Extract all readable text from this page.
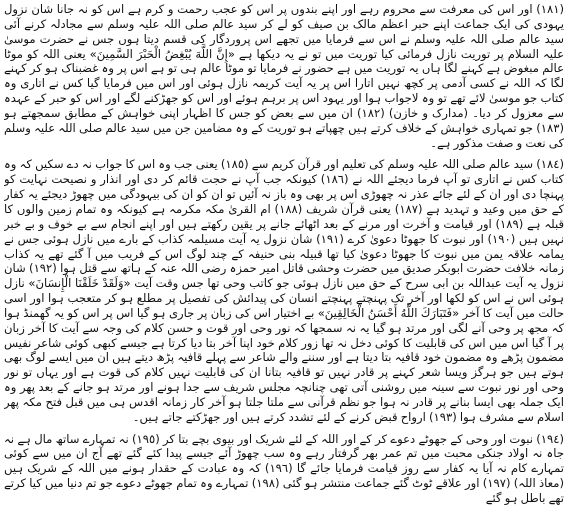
(١٨١) اور اس کی معرفت سے محروم رہے اور اپنے بندوں پر اس کو عجب رحمت و کرم ہے اس کو نہ جانا شان نزول یہودی کی ایک جماعت اپنے حبر اعظم مالک بن صیف کو لے کر سید عالم صلی اللہ علیہ وسلم سے مجادلہ کرنے آئی سید عالم صلی اللہ علیہ وسلم نے اس سے فرمایا میں تجھے اس پروردگار کی قسم دیتا ہوں جس نے حضرت موسیٰ علیہ السلام پر توریت نازل فرمائی کیا توریت میں تو نے یہ دیکھا ہے «إِنَّ اللَّهَ يُبْغِضُ الْحَبْرَ السَّمِينَ» یعنی اللہ کو موٹا عالم مبغوض ہے کہنے لگا ہاں یہ توریت میں ہے حضور نے فرمایا تو موٹا عالم ہی تو ہے اس پر وہ غضبناک ہو کر کہنے لگا کہ اللہ نے کسی آدمی پر کچھ نہیں اتارا اس پر یہ آیت کریمہ نازل ہوئی اور اس میں فرمایا گیا کس نے اتاری وہ کتاب جو موسیٰ لائے تھے تو وہ لاجواب ہوا اور یہود اس پر برہم ہوئے اور اس کو جھڑکنے لگے اور اس کو حبر کے عہدہ سے معزول کر دیا۔ (مدارک و خازن) (١٨٢) ان میں سے بعض کو جس کا اظہار اپنی خواہش کے مطابق سمجھتے ہو (١٨٣) جو تمہاری خواہش کے خلاف کرتے ہیں چھپاتے ہو توریت کے وہ مضامین جن میں سید عالم صلی اللہ علیہ وسلم کی نعت و صفت مذکور ہے۔

(١٨٤) سید عالم صلی اللہ علیہ وسلم کی تعلیم اور قرآن کریم سے (١٨٥) یعنی جب وہ اس کا جواب نہ دے سکیں کہ وہ کتاب کس نے اتاری تو آپ فرما دیجئے اللہ نے (١٨٦) کیونکہ جب آپ نے حجت قائم کر دی اور انذار و نصیحت نہایت کو پہنچا دی اور ان کے لئے جائے عذر نہ چھوڑی اس پر بھی وہ باز نہ آئیں تو ان کو ان کی بیہودگی میں چھوڑ دیجئے یہ کفار کے حق میں وعید و تہدید ہے (١٨٧) یعنی قرآن شریف (١٨٨) ام القریٰ مکہ مکرمہ ہے کیونکہ وہ تمام زمین والوں کا قبلہ ہے (١٨٩) اور قیامت و آخرت اور مرنے کے بعد اٹھائے جانے پر یقین رکھتے ہیں اور اپنے انجام سے بے خوف و بے خبر نہیں ہیں (١٩٠) اور نبوت کا جھوٹا دعویٰ کرے (١٩١) شان نزول یہ آیت مسیلمہ کذاب کے بارے میں نازل ہوئی جس نے یمامہ علاقہ یمن میں نبوت کا جھوٹا دعویٰ کیا تھا قبیلہ بنی حنیفہ کے چند لوگ اس کے فریب میں آ گئے تھے یہ کذاب زمانہ خلافت حضرت ابوبکر صدیق میں حضرت وحشی قاتل امیر حمزہ رضی اللہ عنہ کے ہاتھ سے قتل ہوا (١٩٢) شان نزول یہ آیت عبداللہ بن ابی سرح کے حق میں نازل ہوئی جو کاتب وحی تھا جس وقت آیت «وَلَقَدْ خَلَقْنَا الْإِنسَانَ» نازل ہوئی اس نے اس کو لکھا اور آخر تک پہنچتے پہنچتے انسان کی پیدائش کی تفصیل پر مطلع ہو کر متعجب ہوا اور اسی حالت میں آیت کا آخر «فَتَبَارَكَ اللَّهُ أَحْسَنُ الْخَالِقِينَ» بے اختیار اس کی زبان پر جاری ہو گیا اس پر اس کو یہ گھمنڈ ہوا کہ مجھ پر وحی آنے لگی اور مرتد ہو گیا یہ نہ سمجھا کہ نور وحی اور قوت و حسن کلام کی وجہ سے آیت کا آخر زبان پر آ گیا اس میں اس کی قابلیت کا کوئی دخل نہ تھا زور کلام خود اپنا آخر بتا دیا کرتا ہے جیسے کبھی کوئی شاعر نفیس مضمون پڑھے وہ مضمون خود قافیہ بتا دیتا ہے اور سننے والے شاعر سے پہلے قافیہ پڑھ دیتے ہیں ان میں ایسے لوگ بھی ہوتے ہیں جو ہرگز ویسا شعر کہنے پر قادر نہیں تو قافیہ بتانا ان کی قابلیت نہیں کلام کی قوت ہے اور یہاں تو نور وحی اور نور نبوت سے سینہ میں روشنی آتی تھی چنانچہ مجلس شریف سے جدا ہونے اور مرتد ہو جانے کے بعد پھر وہ ایک جملہ بھی ایسا بنانے پر قادر نہ ہوا جو نظم قرآنی سے ملتا جلتا ہو آخر کار زمانہ اقدس ہی میں قبل فتح مکہ پھر اسلام سے مشرف ہوا (١٩٣) ارواح قبض کرنے کے لئے تشدد کرتے ہیں اور جھڑکتے جاتے ہیں۔

(١٩٤) نبوت اور وحی کے جھوٹے دعوے کر کے اور اللہ کے لئے شریک اور بیوی بچے بتا کر (١٩٥) نہ تمہارے ساتھ مال ہے نہ جاہ نہ اولاد جنکی محبت میں تم عمر بھر گرفتار رہے وہ سب چھوڑ آئے جیسے پیدا کئے گئے تھے آج ان میں سے کوئی تمہارے کام نہ آیا یہ کفار سے روز قیامت فرمایا جائے گا (١٩٦) کہ وہ عبادت کے حقدار ہونے میں اللہ کے شریک ہیں (معاذ اللہ) (١٩٧) اور علاقے ٹوٹ گئے جماعت منتشر ہو گئی (١٩٨) تمہارے وہ تمام جھوٹے دعوے جو تم دنیا میں کیا کرتے تھے باطل ہو گئے
